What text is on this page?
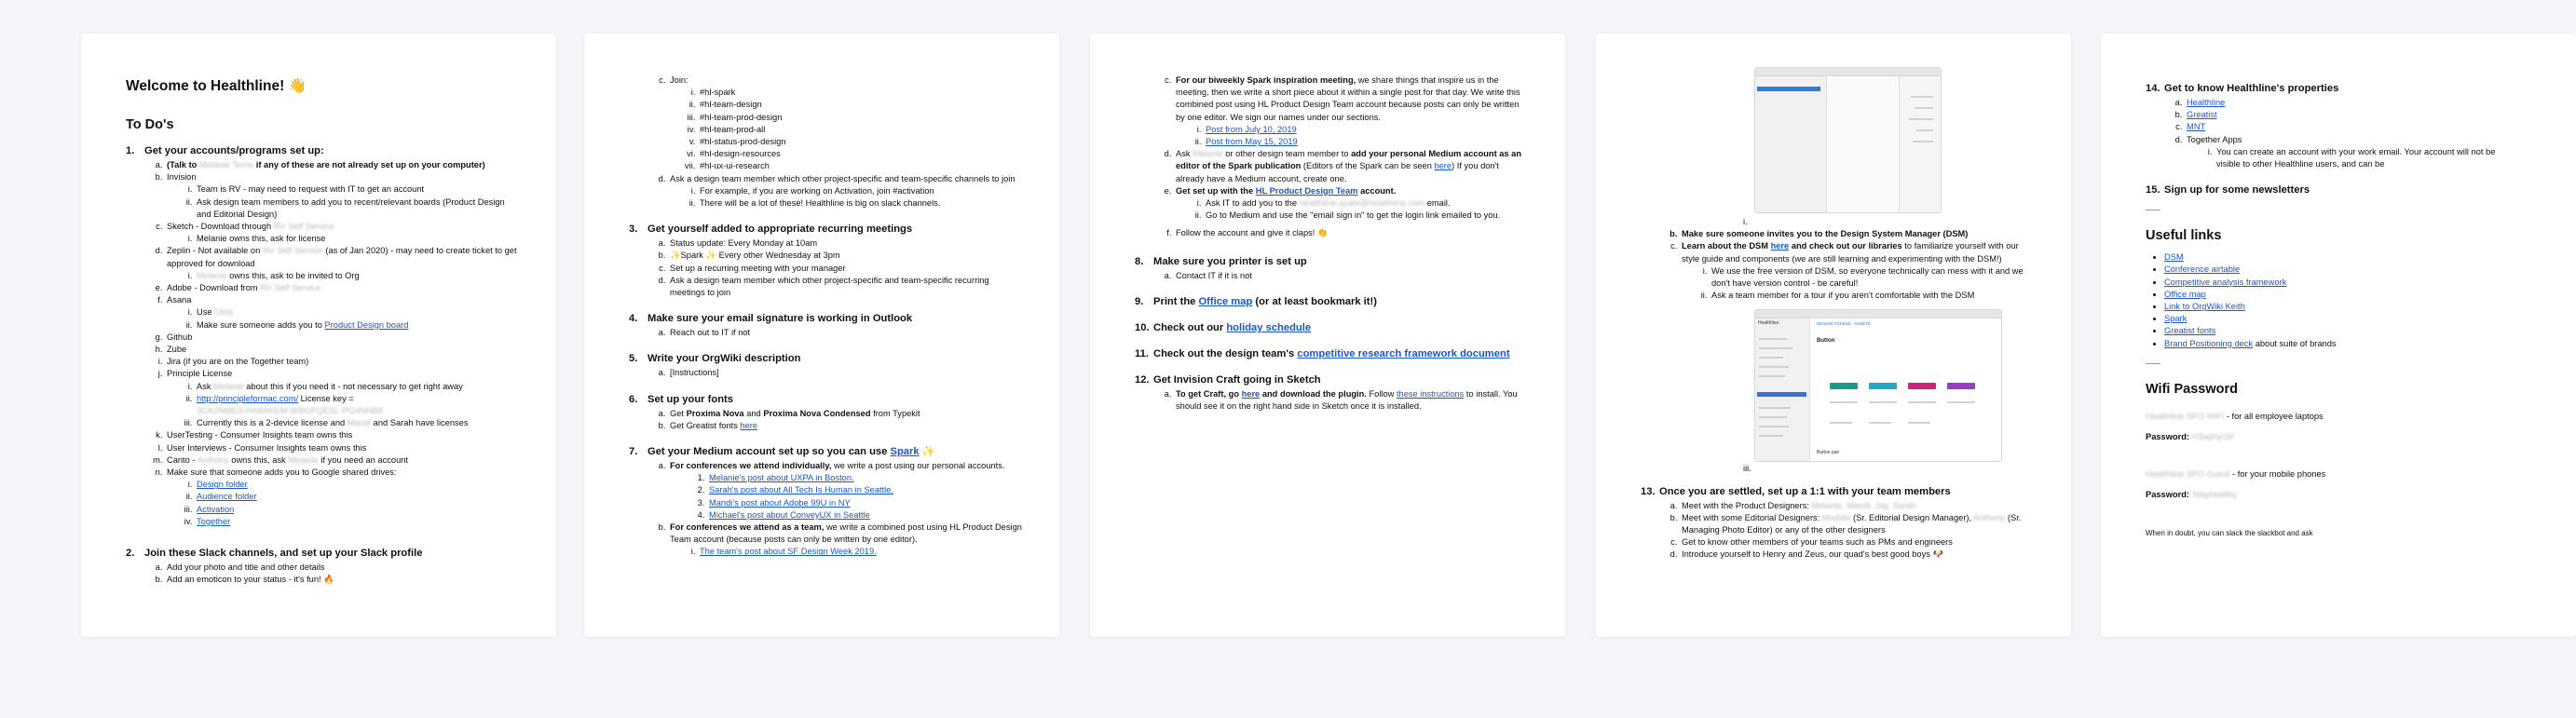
Welcome to Healthline! 👋
To Do's
1. Get your accounts/programs set up:
a. (Talk to Melanie Terrio if any of these are not already set up on your computer)
b. Invision
i. Team is RV - may need to request with IT to get an account
ii. Ask design team members to add you to recent/relevant boards (Product Design and Editorial Design)
c. Sketch - Download through RV Self Service
i. Melanie owns this, ask for license
d. Zeplin - Not available on RV Self Service (as of Jan 2020) - may need to create ticket to get approved for download
i. Melanie owns this, ask to be invited to Org
e. Adobe - Download from RV Self Service
f. Asana
i. Use Okta
ii. Make sure someone adds you to Product Design board
g. Github
h. Zube
i. Jira (if you are on the Together team)
j. Principle License
i. Ask Melanie about this if you need it - not necessary to get right away
ii. http://principleformac.com/ License key =
3CA2NME3-HABAKEM-WBGFQESL-PG4NNB8
iii. Currently this is a 2-device license and Mandi and Sarah have licenses
k. UserTesting - Consumer Insights team owns this
l. User Interviews - Consumer Insights team owns this
m. Canto - Anthony owns this, ask Melanie if you need an account
n. Make sure that someone adds you to Google shared drives:
i. Design folder
ii. Audience folder
iii. Activation
iv. Together
2. Join these Slack channels, and set up your Slack profile
a. Add your photo and title and other details
b. Add an emoticon to your status - it's fun! 🔥
c. Join:
i. #hl-spark
ii. #hl-team-design
iii. #hl-team-prod-design
iv. #hl-team-prod-all
v. #hl-status-prod-design
vi. #hl-design-resources
vii. #hl-ux-ui-research
d. Ask a design team member which other project-specific and team-specific channels to join
i. For example, if you are working on Activation, join #activation
ii. There will be a lot of these! Healthline is big on slack channels.
3. Get yourself added to appropriate recurring meetings
a. Status update: Every Monday at 10am
b. ✨Spark ✨ Every other Wednesday at 3pm
c. Set up a recurring meeting with your manager
d. Ask a design team member which other project-specific and team-specific recurring meetings to join
4. Make sure your email signature is working in Outlook
a. Reach out to IT if not
5. Write your OrgWiki description
a. [Instructions]
6. Set up your fonts
a. Get Proxima Nova and Proxima Nova Condensed from Typekit
b. Get Greatist fonts here
7. Get your Medium account set up so you can use Spark ✨
a. For conferences we attend individually, we write a post using our personal accounts.
1. Melanie's post about UXPA in Boston.
2. Sarah's post about All Tech Is Human in Seattle.
3. Mandi's post about Adobe 99U in NY
4. Michael's post about ConveyUX in Seattle
b. For conferences we attend as a team, we write a combined post using HL Product Design Team account (because posts can only be written by one editor).
i. The team's post about SF Design Week 2019.
c. For our biweekly Spark inspiration meeting, we share things that inspire us in the meeting, then we write a short piece about it within a single post for that day. We write this combined post using HL Product Design Team account because posts can only be written by one editor. We sign our names under our sections.
i. Post from July 10, 2019
ii. Post from May 15, 2019
d. Ask Melanie or other design team member to add your personal Medium account as an editor of the Spark publication (Editors of the Spark can be seen here) If you don't already have a Medium account, create one.
e. Get set up with the HL Product Design Team account.
i. Ask IT to add you to the healthline.spark@healthline.com email.
ii. Go to Medium and use the "email sign in" to get the login link emailed to you.
f. Follow the account and give it claps! 👏
8. Make sure you printer is set up
a. Contact IT if it is not
9. Print the Office map (or at least bookmark it!)
10. Check out our holiday schedule
11. Check out the design team's competitive research framework document
12. Get Invision Craft going in Sketch
a. To get Craft, go here and download the plugin. Follow these instructions to install. You should see it on the right hand side in Sketch once it is installed.
i.
b. Make sure someone invites you to the Design System Manager (DSM)
c. Learn about the DSM here and check out our libraries to familiarize yourself with our style guide and components (we are still learning and experimenting with the DSM!)
i. We use the free version of DSM, so everyone technically can mess with it and we don't have version control - be careful!
ii. Ask a team member for a tour if you aren't comfortable with the DSM
Healthline	DESIGN TOKENS ASSETS
Button
Button pair
iii.
13. Once you are settled, set up a 1:1 with your team members
a. Meet with the Product Designers: Melanie, Mandi, Jay, Sarah
b. Meet with some Editorial Designers: Maddie (Sr. Editorial Design Manager), Anthony (Sr. Managing Photo Editor) or any of the other designers
c. Get to know other members of your teams such as PMs and engineers
d. Introduce yourself to Henry and Zeus, our quad's best good boys 🐶
14. Get to know Healthline's properties
a. Healthline
b. Greatist
c. MNT
d. Together Apps
i. You can create an account with your work email. Your account will not be visible to other Healthline users, and can be
15. Sign up for some newsletters
Useful links
• DSM
• Conference airtable
• Competitive analysis framework
• Office map
• Link to OrgWiki Keith
• Spark
• Greatist fonts
• Brand Positioning deck about suite of brands
Wifi Password

Healthline SFO WiFi - for all employee laptops

Password: H3a|thy!SF

Healthline SFO Guest - for your mobile phones

Password: Stayhealthy

When in doubt, you can slack the slackbot and ask
